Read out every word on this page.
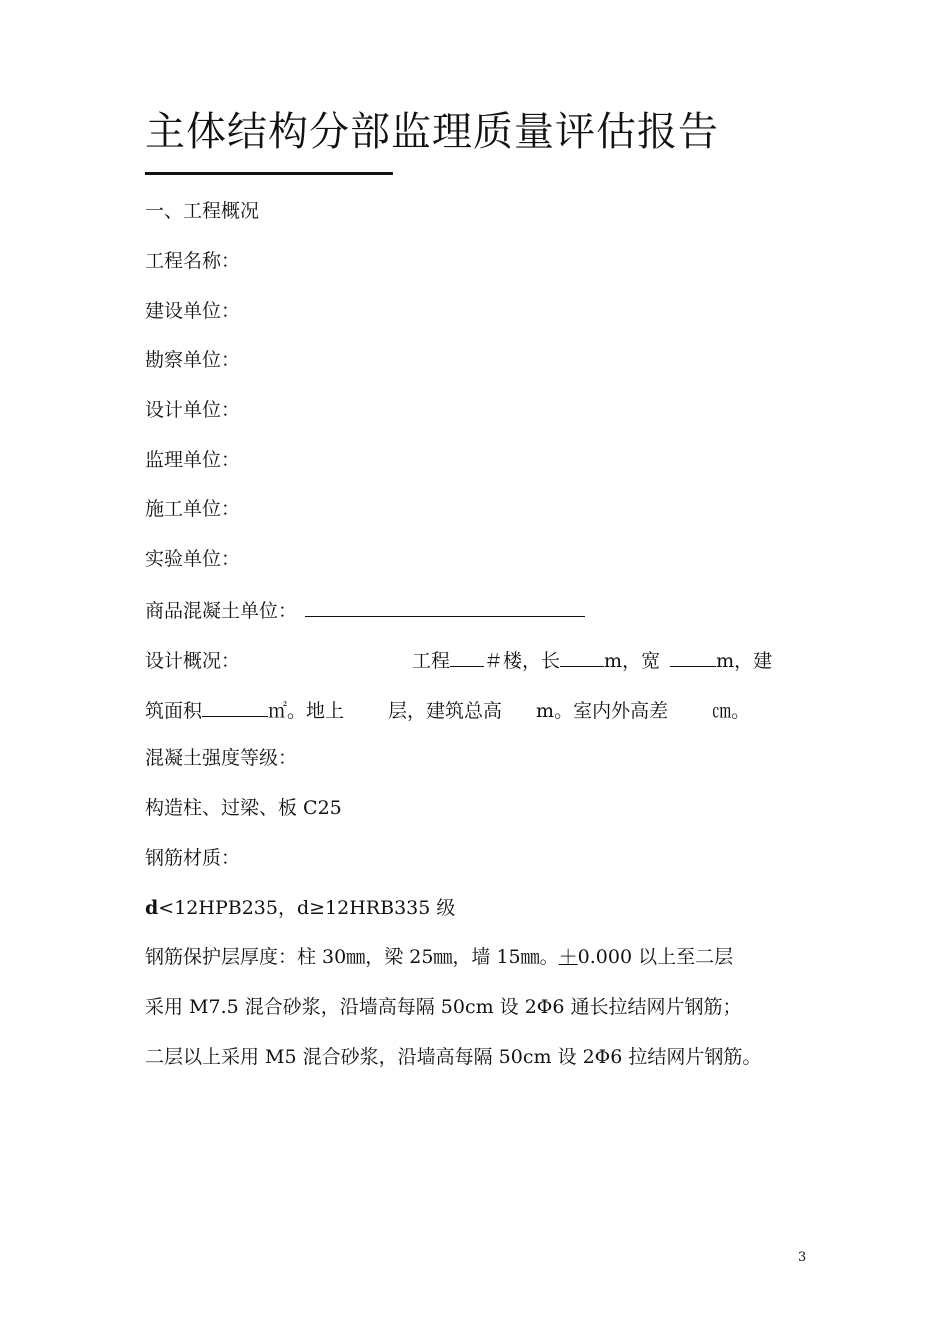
主体结构分部监理质量评估报告
一、工程概况
工程名称：
建设单位：
勘察单位：
设计单位：
监理单位：
施工单位：
实验单位：
商品混凝土单位：
设计概况：	工程 ＃楼，长 m，宽	m，建
筑面积	㎡。地上 层，建筑总高 m。室内外高差 ㎝。
混凝土强度等级：
构造柱、过梁、板 C25
钢筋材质：
d<12HPB235，d≥12HRB335 级
钢筋保护层厚度：柱 30㎜，梁 25㎜，墙 15㎜。＋0.000 以上至二层
采用 M7.5 混合砂浆，沿墙高每隔 50cm 设 2Φ6 通长拉结网片钢筋；
二层以上采用 M5 混合砂浆，沿墙高每隔 50cm 设 2Φ6 拉结网片钢筋。
3
